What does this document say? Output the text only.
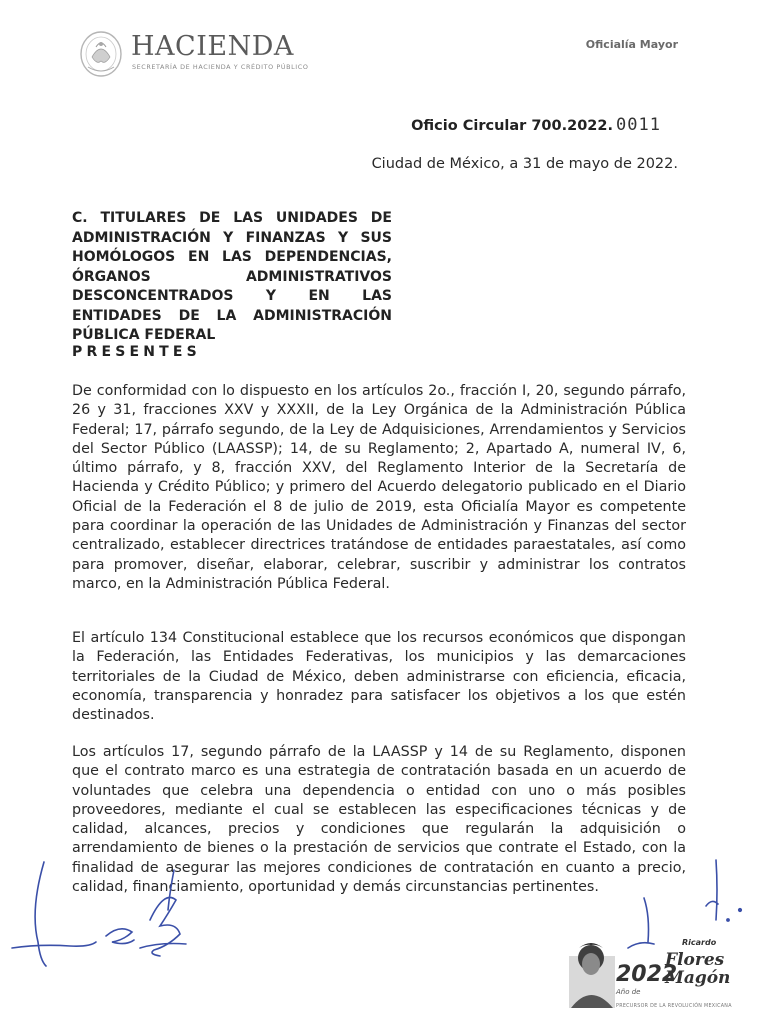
HACIENDA
SECRETARÍA DE HACIENDA Y CRÉDITO PÚBLICO
Oficialía Mayor
Oficio Circular 700.2022. 0011
Ciudad de México, a 31 de mayo de 2022.
C. TITULARES DE LAS UNIDADES DE ADMINISTRACIÓN Y FINANZAS Y SUS HOMÓLOGOS EN LAS DEPENDENCIAS, ÓRGANOS ADMINISTRATIVOS DESCONCENTRADOS Y EN LAS ENTIDADES DE LA ADMINISTRACIÓN PÚBLICA FEDERAL
PRESENTES

De conformidad con lo dispuesto en los artículos 2o., fracción I, 20, segundo párrafo, 26 y 31, fracciones XXV y XXXII, de la Ley Orgánica de la Administración Pública Federal; 17, párrafo segundo, de la Ley de Adquisiciones, Arrendamientos y Servicios del Sector Público (LAASSP); 14, de su Reglamento; 2, Apartado A, numeral IV, 6, último párrafo, y 8, fracción XXV, del Reglamento Interior de la Secretaría de Hacienda y Crédito Público; y primero del Acuerdo delegatorio publicado en el Diario Oficial de la Federación el 8 de julio de 2019, esta Oficialía Mayor es competente para coordinar la operación de las Unidades de Administración y Finanzas del sector centralizado, establecer directrices tratándose de entidades paraestatales, así como para promover, diseñar, elaborar, celebrar, suscribir y administrar los contratos marco, en la Administración Pública Federal.

El artículo 134 Constitucional establece que los recursos económicos que dispongan la Federación, las Entidades Federativas, los municipios y las demarcaciones territoriales de la Ciudad de México, deben administrarse con eficiencia, eficacia, economía, transparencia y honradez para satisfacer los objetivos a los que estén destinados.

Los artículos 17, segundo párrafo de la LAASSP y 14 de su Reglamento, disponen que el contrato marco es una estrategia de contratación basada en un acuerdo de voluntades que celebra una dependencia o entidad con uno o más posibles proveedores, mediante el cual se establecen las especificaciones técnicas y de calidad, alcances, precios y condiciones que regularán la adquisición o arrendamiento de bienes o la prestación de servicios que contrate el Estado, con la finalidad de asegurar las mejores condiciones de contratación en cuanto a precio, calidad, financiamiento, oportunidad y demás circunstancias pertinentes.

2022
Ricardo
Flores
Magón
Año de
PRECURSOR DE LA REVOLUCIÓN MEXICANA
